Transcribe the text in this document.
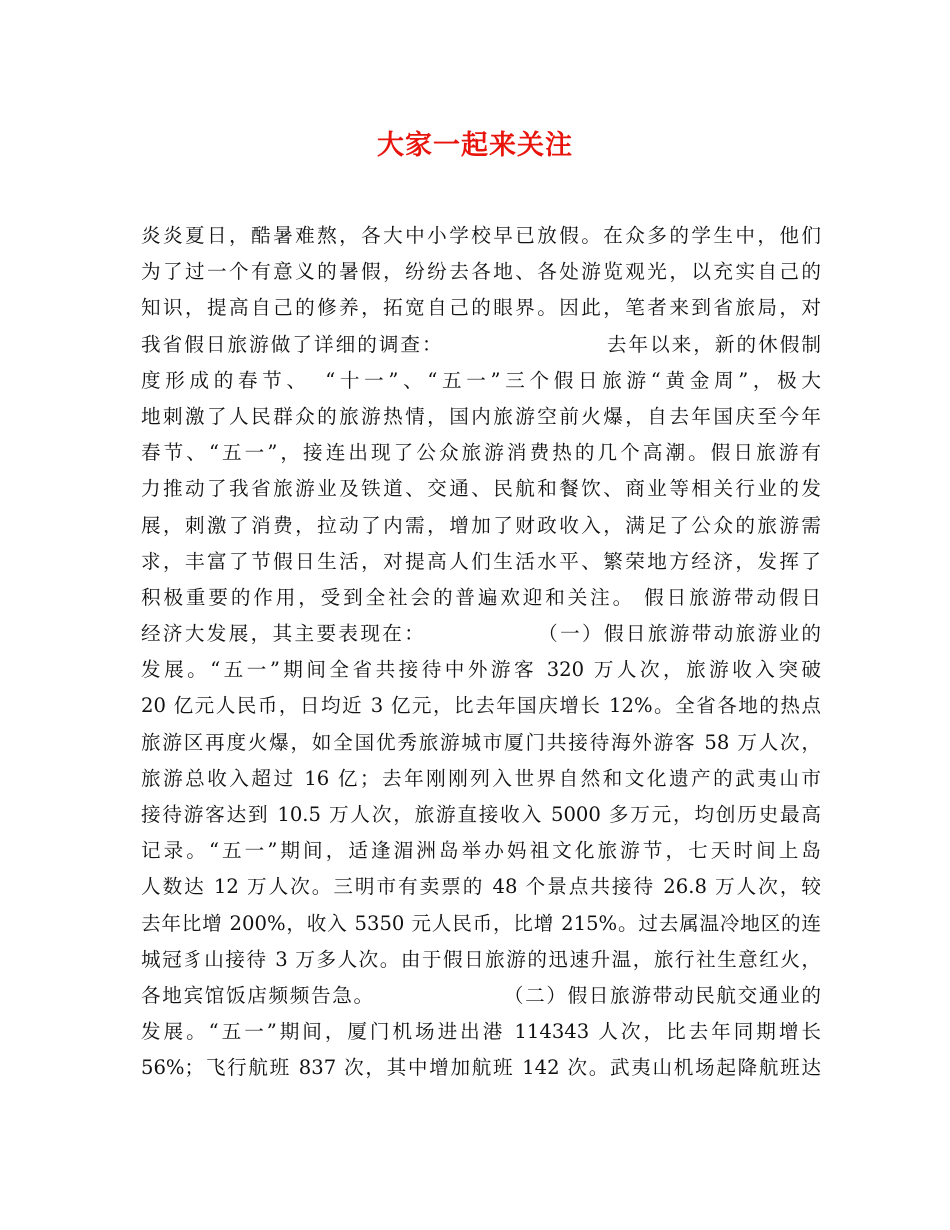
大家一起来关注
炎炎夏日，酷暑难熬，各大中小学校早已放假。在众多的学生中，他们
为了过一个有意义的暑假，纷纷去各地、各处游览观光，以充实自己的
知识，提高自己的修养，拓宽自己的眼界。因此，笔者来到省旅局，对
我省假日旅游做了详细的调查：　　　　　　　　去年以来，新的休假制
度形成的春节、　“十一”、“五一”三个假日旅游“黄金周”，极大
地刺激了人民群众的旅游热情，国内旅游空前火爆，自去年国庆至今年
春节、“五一”，接连出现了公众旅游消费热的几个高潮。假日旅游有
力推动了我省旅游业及铁道、交通、民航和餐饮、商业等相关行业的发
展，刺激了消费，拉动了内需，增加了财政收入，满足了公众的旅游需
求，丰富了节假日生活，对提高人们生活水平、繁荣地方经济，发挥了
积极重要的作用，受到全社会的普遍欢迎和关注。 假日旅游带动假日
经济大发展，其主要表现在：　　　　　　（一）假日旅游带动旅游业的
发展。“五一”期间全省共接待中外游客 320 万人次，旅游收入突破
20 亿元人民币，日均近 3 亿元，比去年国庆增长 12%。全省各地的热点
旅游区再度火爆，如全国优秀旅游城市厦门共接待海外游客 58 万人次，
旅游总收入超过 16 亿；去年刚刚列入世界自然和文化遗产的武夷山市
接待游客达到 10.5 万人次，旅游直接收入 5000 多万元，均创历史最高
记录。“五一”期间，适逢湄洲岛举办妈祖文化旅游节，七天时间上岛
人数达 12 万人次。三明市有卖票的 48 个景点共接待 26.8 万人次，较
去年比增 200%，收入 5350 元人民币，比增 215%。过去属温冷地区的连
城冠豸山接待 3 万多人次。由于假日旅游的迅速升温，旅行社生意红火，
各地宾馆饭店频频告急。　　　　　　　（二）假日旅游带动民航交通业的
发展。“五一”期间，厦门机场进出港 114343 人次，比去年同期增长
56%；飞行航班 837 次，其中增加航班 142 次。武夷山机场起降航班达
